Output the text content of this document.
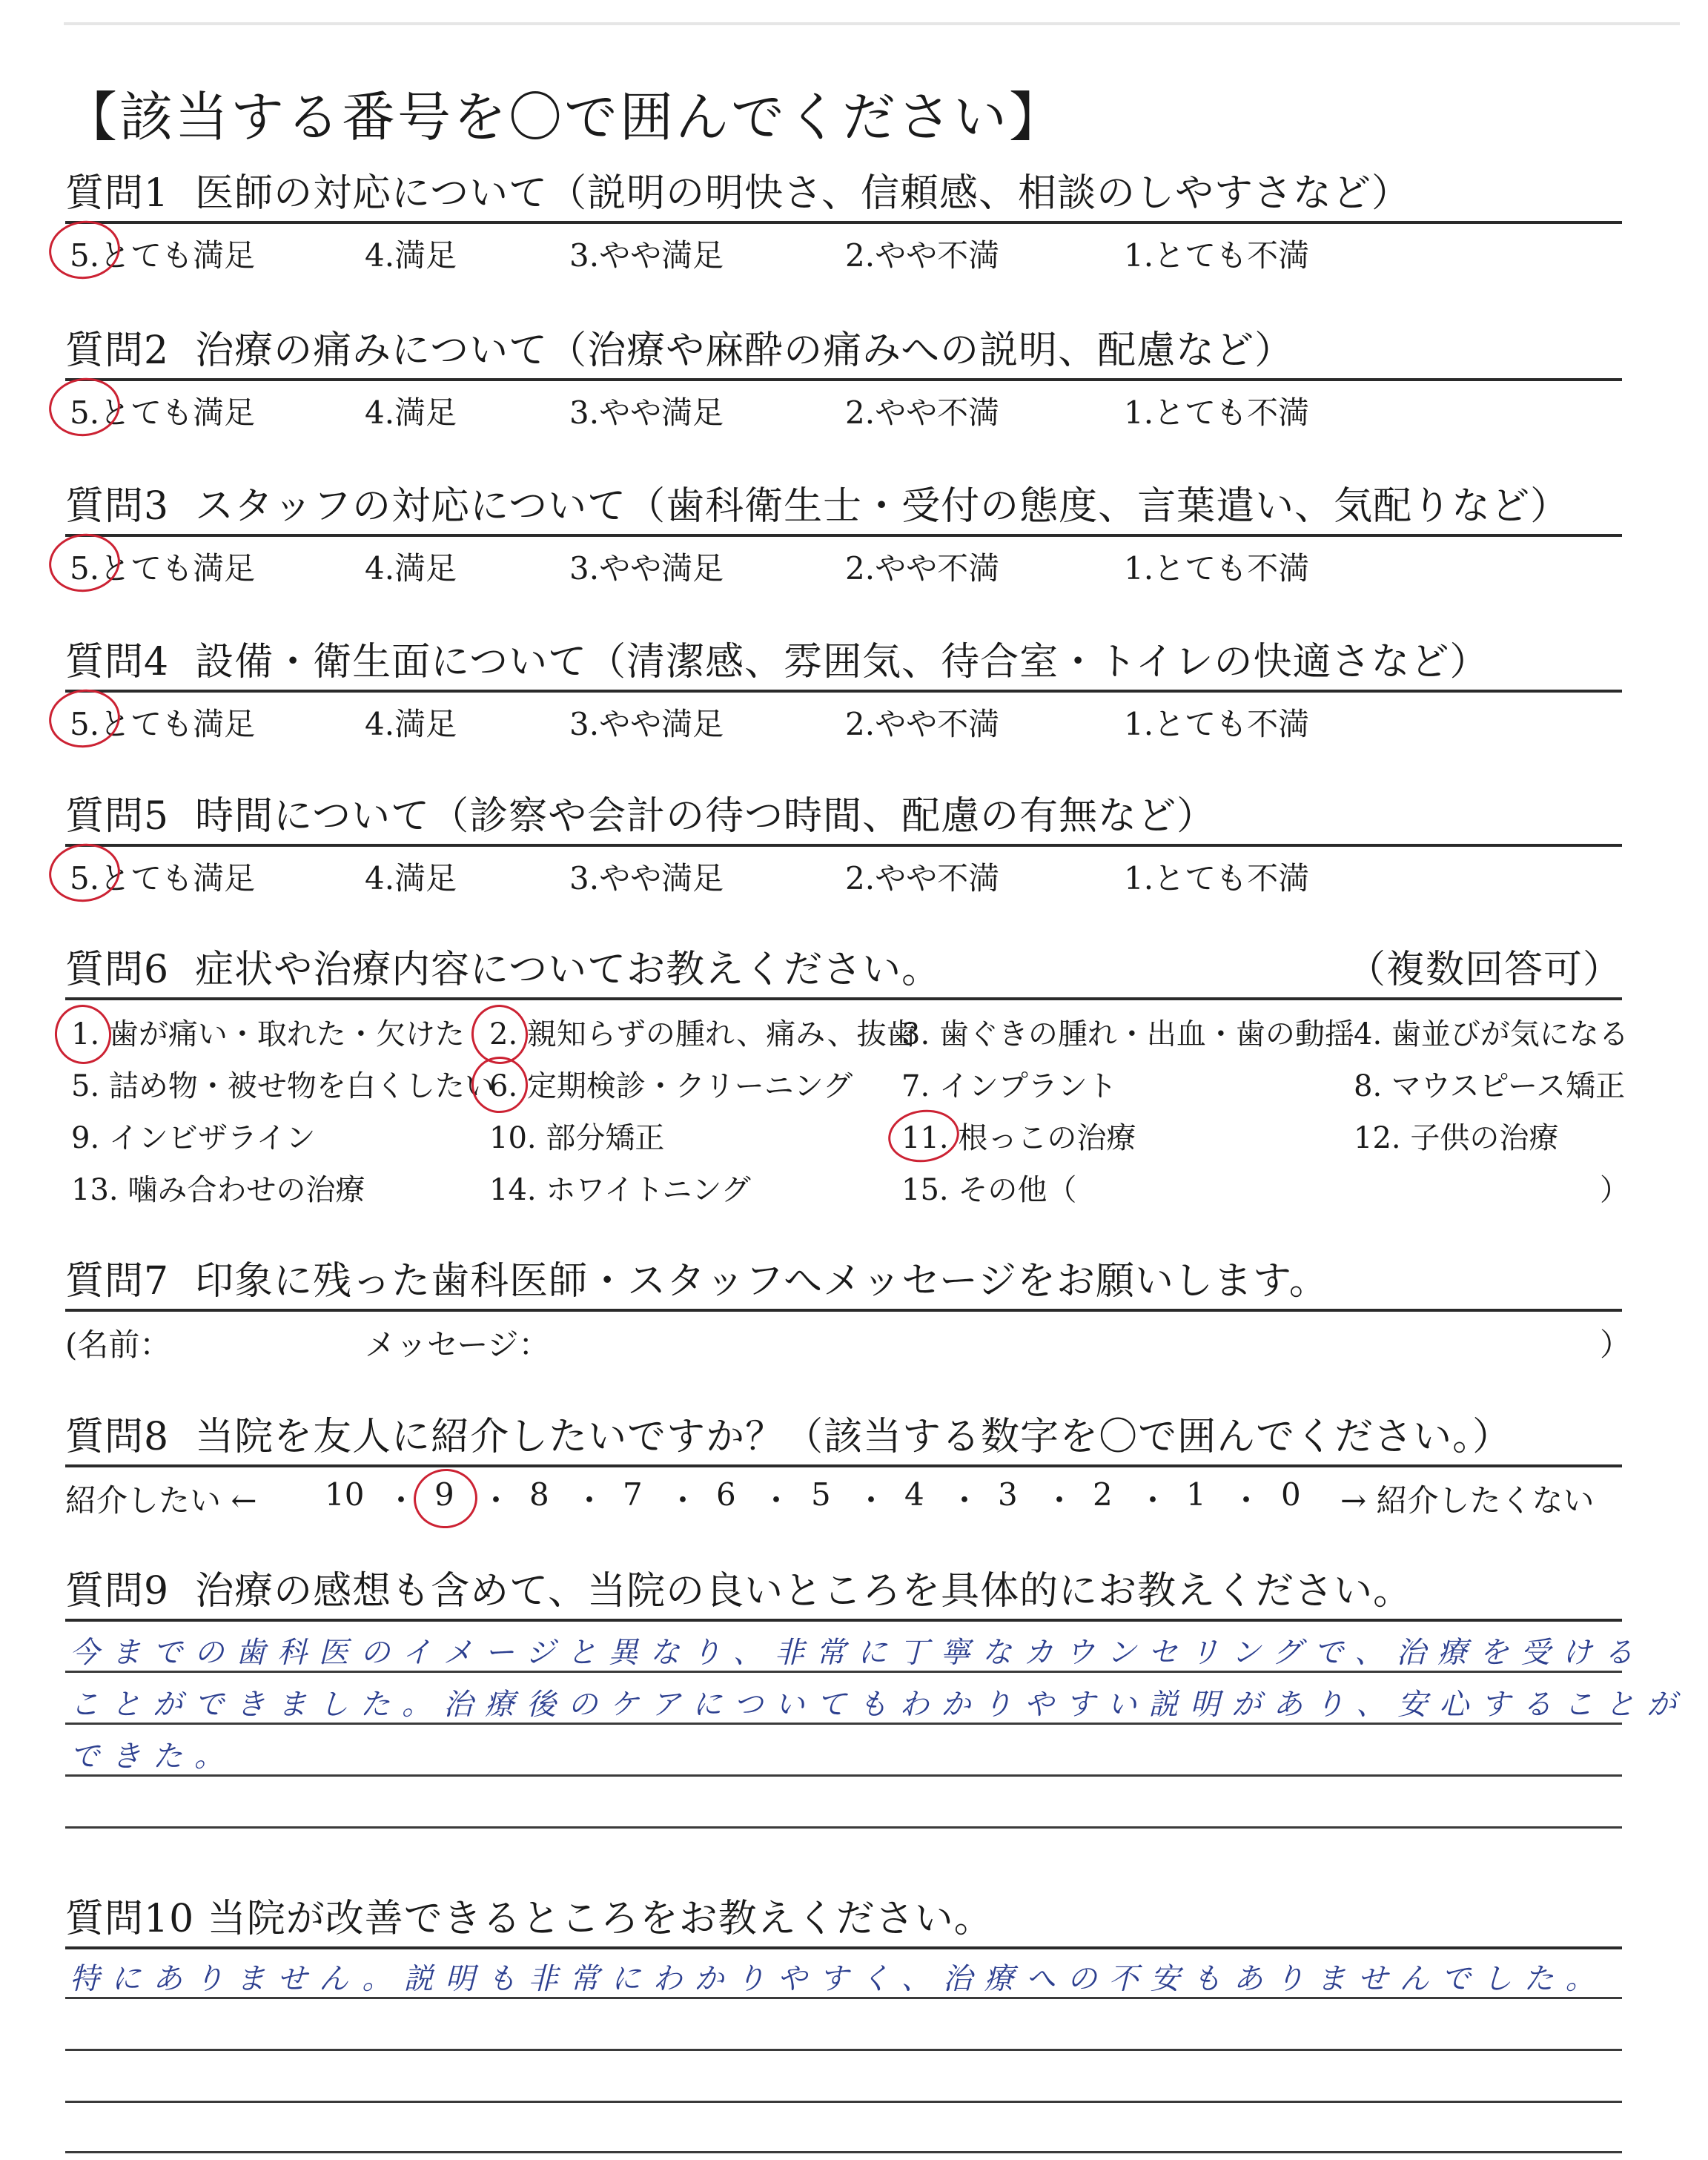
【該当する番号を〇で囲んでください】
質問1 医師の対応について（説明の明快さ、信頼感、相談のしやすさなど）
5.とても満足	4.満足	3.やや満足	2.やや不満	1.とても不満
質問2 治療の痛みについて（治療や麻酔の痛みへの説明、配慮など）
5.とても満足	4.満足	3.やや満足	2.やや不満	1.とても不満
質問3 スタッフの対応について（歯科衛生士・受付の態度、言葉遣い、気配りなど）
5.とても満足	4.満足	3.やや満足	2.やや不満	1.とても不満
質問4 設備・衛生面について（清潔感、雰囲気、待合室・トイレの快適さなど）
5.とても満足	4.満足	3.やや満足	2.やや不満	1.とても不満
質問5 時間について（診察や会計の待つ時間、配慮の有無など）
5.とても満足	4.満足	3.やや満足	2.やや不満	1.とても不満
質問6 症状や治療内容についてお教えください。	（複数回答可）
1. 歯が痛い・取れた・欠けた 2. 親知らずの腫れ、痛み、抜歯
3. 歯ぐきの腫れ・出血・歯の動揺 4. 歯並びが気になる
5. 詰め物・被せ物を白くしたい
6. 定期検診・クリーニング 7. インプラント	8. マウスピース矯正
9. インビザライン	10. 部分矯正	11. 根っこの治療	12. 子供の治療
13. 噛み合わせの治療	14. ホワイトニング	15. その他（	）
質問7 印象に残った歯科医師・スタッフへメッセージをお願いします。
(名前：	メッセージ：	）
質問8 当院を友人に紹介したいですか？（該当する数字を〇で囲んでください。）
紹介したい ← 10 ・ 9 ・ 8 ・ 7 ・ 6 ・ 5 ・ 4 ・ 3 ・ 2 ・ 1 ・ 0 → 紹介したくない
質問9 治療の感想も含めて、当院の良いところを具体的にお教えください。
今までの歯科医のイメージと異なり、非常に丁寧なカウンセリングで、治療を受ける
ことができました。治療後のケアについてもわかりやすい説明があり、安心することが
できた。
質問10 当院が改善できるところをお教えください。
特にありません。説明も非常にわかりやすく、治療への不安もありませんでした。
